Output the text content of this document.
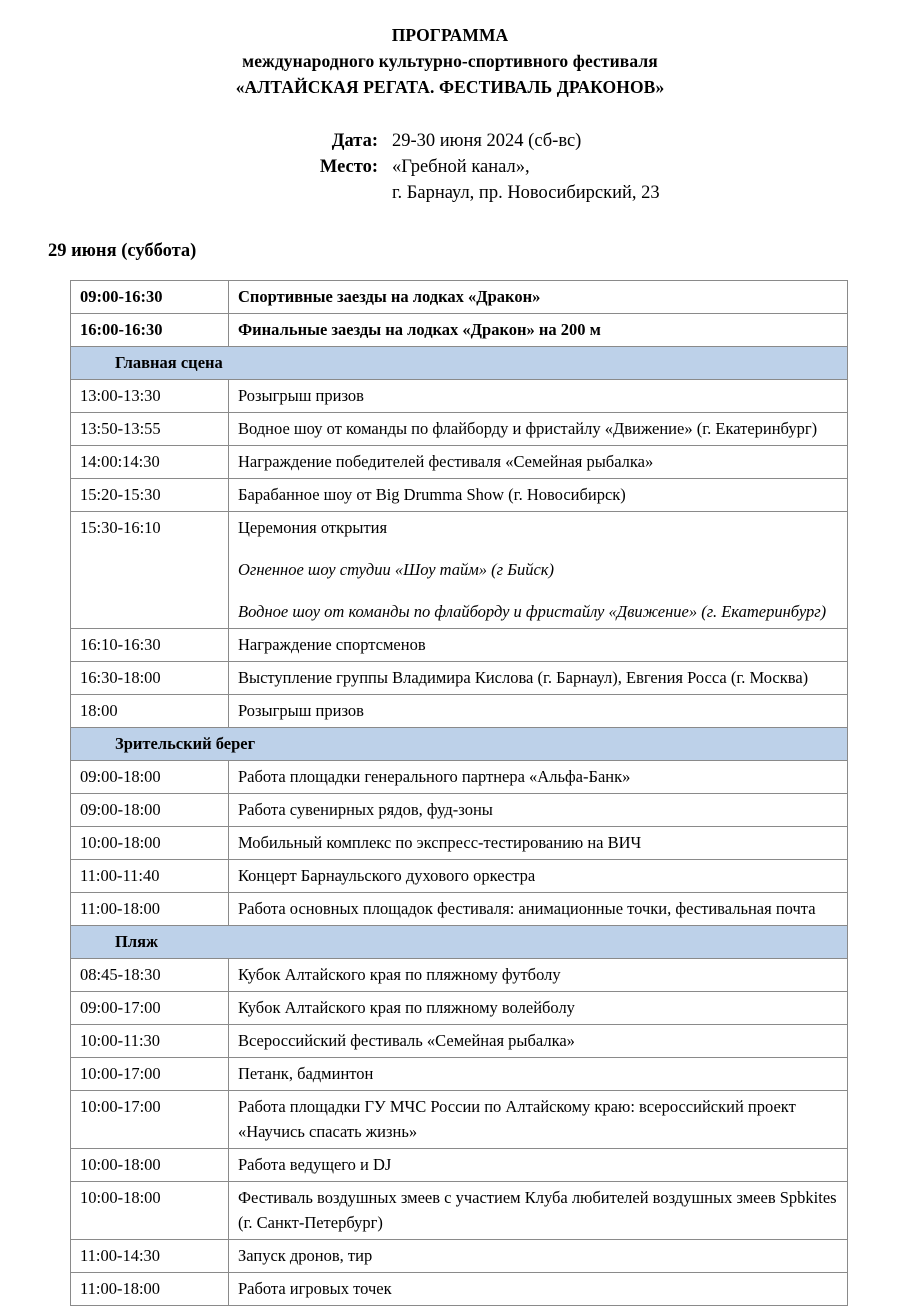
ПРОГРАММА
международного культурно-спортивного фестиваля
«АЛТАЙСКАЯ РЕГАТА. ФЕСТИВАЛЬ ДРАКОНОВ»
Дата: 29-30 июня 2024 (сб-вс)
Место: «Гребной канал»,
г. Барнаул, пр. Новосибирский, 23
29 июня (суббота)
09:00-16:30	Спортивные заезды на лодках «Дракон»

16:00-16:30	Финальные заезды на лодках «Дракон» на 200 м

Главная сцена	
13:00-13:30	Розыгрыш призов

13:50-13:55	Водное шоу от команды по флайборду и фристайлу «Движение» (г. Екатеринбург)

14:00:14:30	Награждение победителей фестиваля «Семейная рыбалка»

15:20-15:30	Барабанное шоу от Big Drumma Show (г. Новосибирск)

15:30-16:10	Церемония открытия
Огненное шоу студии «Шоу тайм» (г Бийск)
Водное шоу от команды по флайборду и фристайлу «Движение» (г. Екатеринбург)

16:10-16:30	Награждение спортсменов

16:30-18:00	Выступление группы Владимира Кислова (г. Барнаул), Евгения Росса (г. Москва)

18:00	Розыгрыш призов

Зрительский берег	
09:00-18:00	Работа площадки генерального партнера «Альфа-Банк»

09:00-18:00	Работа сувенирных рядов, фуд-зоны

10:00-18:00	Мобильный комплекс по экспресс-тестированию на ВИЧ

11:00-11:40	Концерт Барнаульского духового оркестра

11:00-18:00	Работа основных площадок фестиваля: анимационные точки, фестивальная почта

Пляж	
08:45-18:30	Кубок Алтайского края по пляжному футболу

09:00-17:00	Кубок Алтайского края по пляжному волейболу

10:00-11:30	Всероссийский фестиваль «Семейная рыбалка»

10:00-17:00	Петанк, бадминтон

10:00-17:00	Работа площадки ГУ МЧС России по Алтайскому краю: всероссийский проект «Научись спасать жизнь»

10:00-18:00	Работа ведущего и DJ

10:00-18:00	Фестиваль воздушных змеев с участием Клуба любителей воздушных змеев Spbkites (г. Санкт-Петербург)

11:00-14:30	Запуск дронов, тир

11:00-18:00	Работа игровых точек
